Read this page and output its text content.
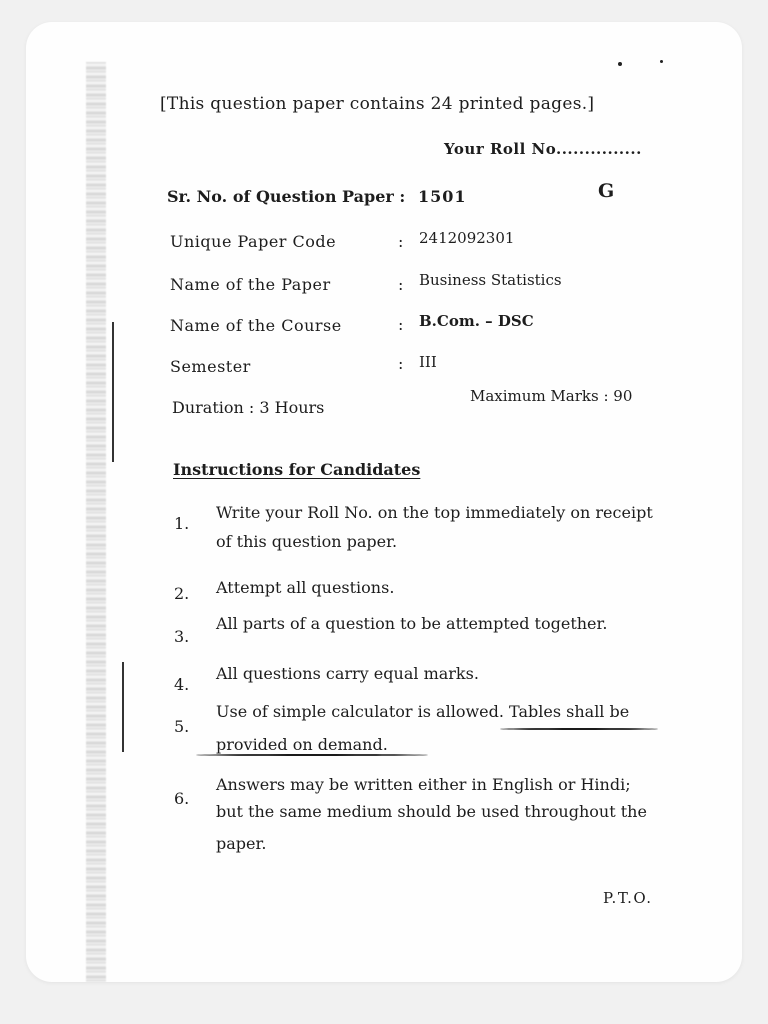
[This question paper contains 24 printed pages.]
Your Roll No...............
Sr. No. of Question Paper : 1501	G
Unique Paper Code	: 2412092301
Name of the Paper	: Business Statistics
Name of the Course	: B.Com. – DSC
Semester	: III
Duration : 3 Hours
Maximum Marks : 90
Instructions for Candidates
1.
Write your Roll No. on the top immediately on receipt
of this question paper.
2. Attempt all questions.
3.
All parts of a question to be attempted together.
4.
All questions carry equal marks.
5.
Use of simple calculator is allowed. Tables shall be
provided on demand.
6.
Answers may be written either in English or Hindi;
but the same medium should be used throughout the
paper.
P.T.O.
